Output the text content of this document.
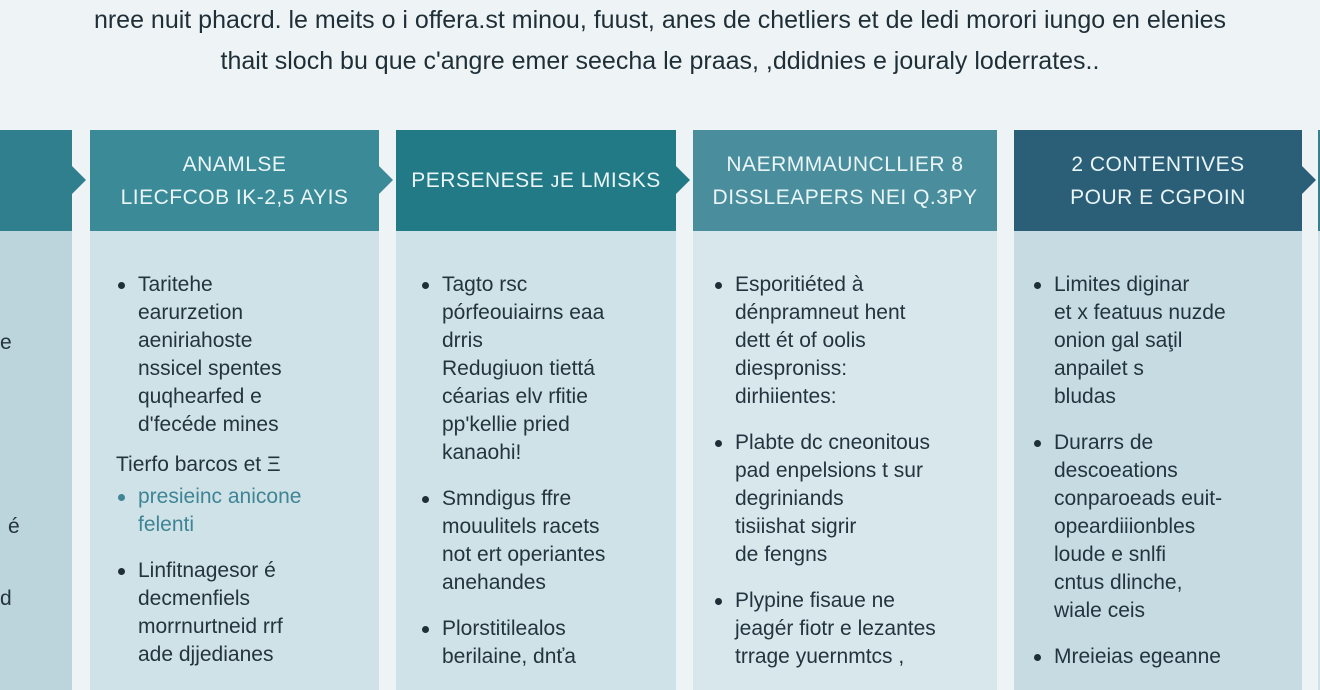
nree nuit phacrd. le meits o i offera.st minou, fuust, anes de chetliers et de ledi morori iungo en elenies
thait sloch bu que c'angre emer seecha le praas, ,ddidnies e jouraly loderrates..
e
é
d
ANAMLSE
LIECFCOB IK-2,5 AYIS
Taritehe
earurzetion
aeniriahoste
nssicel spentes
quqhearfed e
d'fecéde mines
Tierfo barcos et Ξ
presieinc anicone
felenti
Linfitnagesor é
decmenfiels
morrnurtneid rrf
ade djjedianes
PERSENESE ᴊE LMISKS
Tagto rsc
pórfeouiairns eaa
drris
Redugiuon tiettá
céarias elv rfitie
pp'kellie pried
kanaohi!
Smndigus ffre
mouulitels racets
not ert operiantes
anehandes
Plorstitilealos
berilaine, dnťa
NAERMMAUNCLLIER 8
DISSLEAPERS NEI Q.3PY
Esporitiéted à
dénpramneut hent
dett ét of oolis
diesproniss:
dirhiientes:
Plabte dc cneonitous
pad enpelsions t sur
degriniands
tisiishat sigrir
de fengns
Plypine fisaue ne
jeagér fiotr e lezantes
trrage yuernmtcs ,
2 CONTENTIVES
POUR E CGPOIN
Limites diginar
et x featuus nuzde
onion gal saţil
anpailet s
bludas
Durarrs de
descoeations
conparoeads euit-
opeardiiionbles
loude e snlfi
cntus dlinche,
wiale ceis
Mreieias egeanne
